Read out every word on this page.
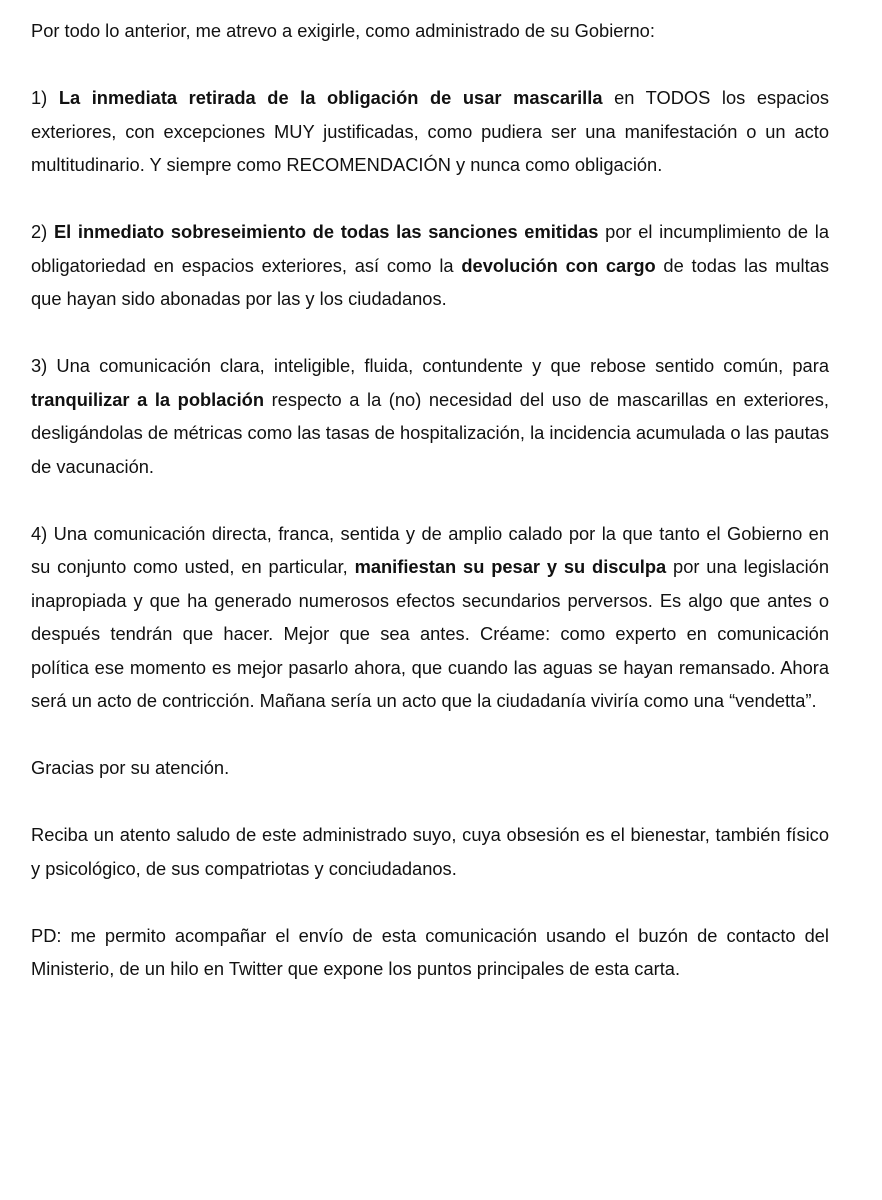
Por todo lo anterior, me atrevo a exigirle, como administrado de su Gobierno:

1) La inmediata retirada de la obligación de usar mascarilla en TODOS los espacios exteriores, con excepciones MUY justificadas, como pudiera ser una manifestación o un acto multitudinario. Y siempre como RECOMENDACIÓN y nunca como obligación.

2) El inmediato sobreseimiento de todas las sanciones emitidas por el incumplimiento de la obligatoriedad en espacios exteriores, así como la devolución con cargo de todas las multas que hayan sido abonadas por las y los ciudadanos.

3) Una comunicación clara, inteligible, fluida, contundente y que rebose sentido común, para tranquilizar a la población respecto a la (no) necesidad del uso de mascarillas en exteriores, desligándolas de métricas como las tasas de hospitalización, la incidencia acumulada o las pautas de vacunación.

4) Una comunicación directa, franca, sentida y de amplio calado por la que tanto el Gobierno en su conjunto como usted, en particular, manifiestan su pesar y su disculpa por una legislación inapropiada y que ha generado numerosos efectos secundarios perversos. Es algo que antes o después tendrán que hacer. Mejor que sea antes. Créame: como experto en comunicación política ese momento es mejor pasarlo ahora, que cuando las aguas se hayan remansado. Ahora será un acto de contricción. Mañana sería un acto que la ciudadanía viviría como una “vendetta”.

Gracias por su atención.

Reciba un atento saludo de este administrado suyo, cuya obsesión es el bienestar, también físico y psicológico, de sus compatriotas y conciudadanos.

PD: me permito acompañar el envío de esta comunicación usando el buzón de contacto del Ministerio, de un hilo en Twitter que expone los puntos principales de esta carta.
